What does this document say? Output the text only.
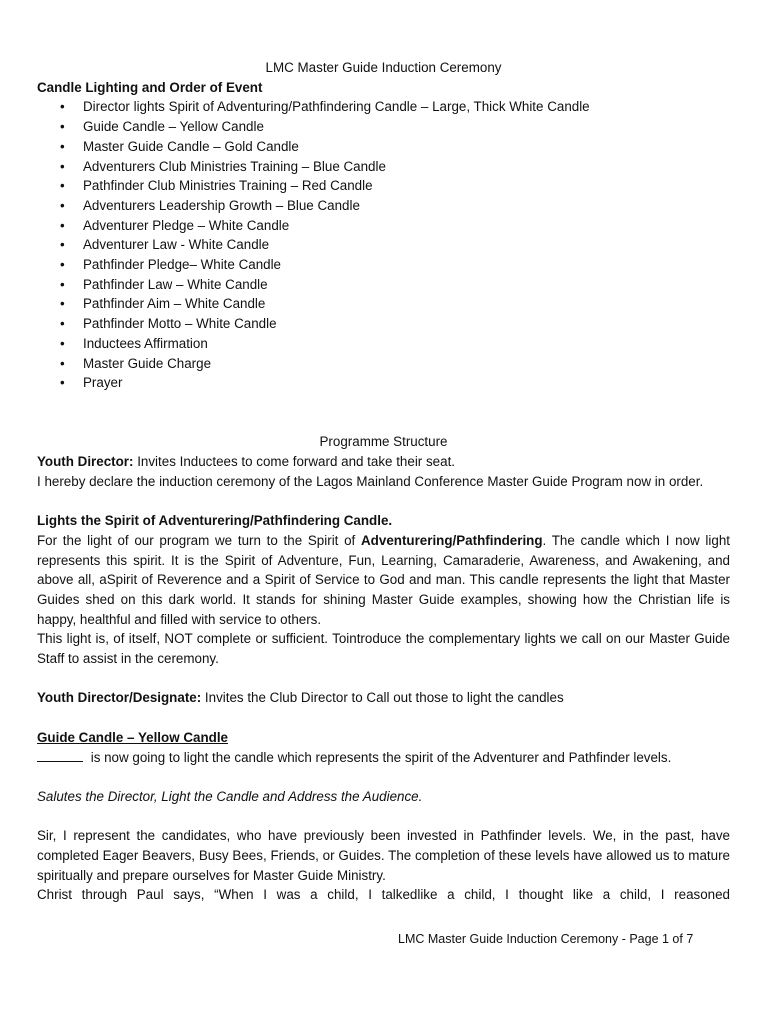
LMC Master Guide Induction Ceremony
Candle Lighting and Order of Event
• Director lights Spirit of Adventuring/Pathfindering Candle – Large, Thick White Candle
• Guide Candle – Yellow Candle
• Master Guide Candle – Gold Candle
• Adventurers Club Ministries Training – Blue Candle
• Pathfinder Club Ministries Training – Red Candle
• Adventurers Leadership Growth – Blue Candle
• Adventurer Pledge – White Candle
• Adventurer Law - White Candle
• Pathfinder Pledge– White Candle
• Pathfinder Law – White Candle
• Pathfinder Aim – White Candle
• Pathfinder Motto – White Candle
• Inductees Affirmation
• Master Guide Charge
• Prayer
Programme Structure
Youth Director: Invites Inductees to come forward and take their seat.
I hereby declare the induction ceremony of the Lagos Mainland Conference Master Guide Program now in order.
Lights the Spirit of Adventurering/Pathfindering Candle.
For the light of our program we turn to the Spirit of Adventurering/Pathfindering. The candle which I now light represents this spirit. It is the Spirit of Adventure, Fun, Learning, Camaraderie, Awareness, and Awakening, and above all, aSpirit of Reverence and a Spirit of Service to God and man. This candle represents the light that Master Guides shed on this dark world. It stands for shining Master Guide examples, showing how the Christian life is happy, healthful and filled with service to others.
This light is, of itself, NOT complete or sufficient. Tointroduce the complementary lights we call on our Master Guide Staff to assist in the ceremony.
Youth Director/Designate: Invites the Club Director to Call out those to light the candles
Guide Candle – Yellow Candle
is now going to light the candle which represents the spirit of the Adventurer and Pathfinder levels.
Salutes the Director, Light the Candle and Address the Audience.
Sir, I represent the candidates, who have previously been invested in Pathfinder levels. We, in the past, have completed Eager Beavers, Busy Bees, Friends, or Guides. The completion of these levels have allowed us to mature spiritually and prepare ourselves for Master Guide Ministry.
Christ through Paul says, “When I was a child, I talkedlike a child, I thought like a child, I reasoned
LMC Master Guide Induction Ceremony - Page 1 of 7
